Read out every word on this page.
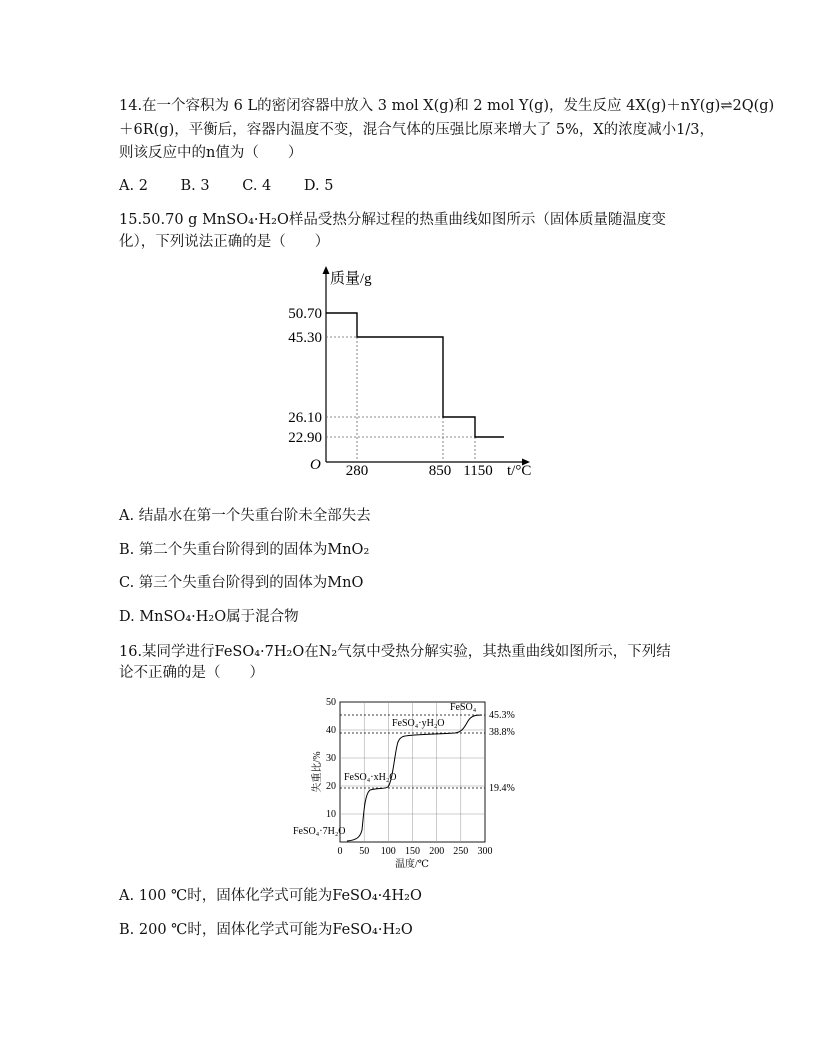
14.在一个容积为 6 L的密闭容器中放入 3 mol X(g)和 2 mol Y(g)，发生反应 4X(g)＋nY(g)⇌2Q(g)
＋6R(g)，平衡后，容器内温度不变，混合气体的压强比原来增大了 5%，X的浓度减小1/3，
则该反应中的n值为（　　）
A. 2 B. 3 C. 4 D. 5
15.50.70 g MnSO₄·H₂O样品受热分解过程的热重曲线如图所示（固体质量随温度变
化），下列说法正确的是（　　）
质量/g
50.70
45.30
26.10
22.90
O 280	850 1150 t/°C
A. 结晶水在第一个失重台阶未全部失去
B. 第二个失重台阶得到的固体为MnO₂
C. 第三个失重台阶得到的固体为MnO
D. MnSO₄·H₂O属于混合物
16.某同学进行FeSO₄·7H₂O在N₂气氛中受热分解实验，其热重曲线如图所示，下列结
论不正确的是（　　）
50
40
30
20
10
0 50 100 150 200 250 300
温度/℃
失重比/%
FeSO₄
FeSO₄·yH₂O
FeSO₄·xH₂O
FeSO₄·7H₂O
45.3%
38.8%
19.4%
A. 100 ℃时，固体化学式可能为FeSO₄·4H₂O
B. 200 ℃时，固体化学式可能为FeSO₄·H₂O
